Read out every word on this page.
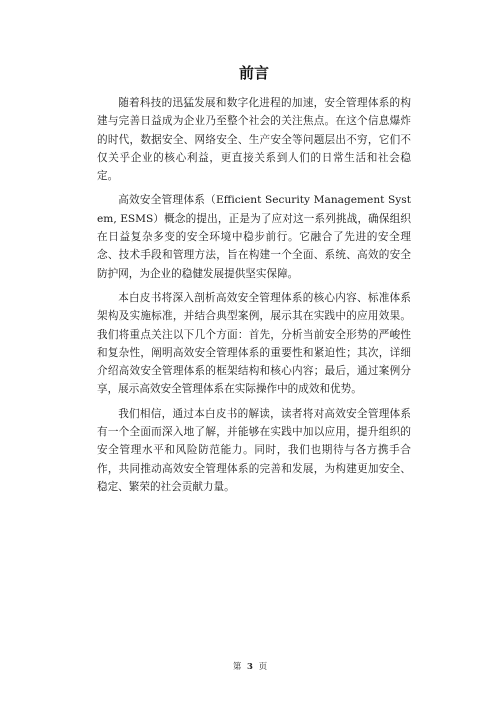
前言

随着科技的迅猛发展和数字化进程的加速，安全管理体系的构建与完善日益成为企业乃至整个社会的关注焦点。在这个信息爆炸的时代，数据安全、网络安全、生产安全等问题层出不穷，它们不仅关乎企业的核心利益，更直接关系到人们的日常生活和社会稳定。

高效安全管理体系（Efficient Security Management System, ESMS）概念的提出，正是为了应对这一系列挑战，确保组织在日益复杂多变的安全环境中稳步前行。它融合了先进的安全理念、技术手段和管理方法，旨在构建一个全面、系统、高效的安全防护网，为企业的稳健发展提供坚实保障。

本白皮书将深入剖析高效安全管理体系的核心内容、标准体系架构及实施标准，并结合典型案例，展示其在实践中的应用效果。我们将重点关注以下几个方面：首先，分析当前安全形势的严峻性和复杂性，阐明高效安全管理体系的重要性和紧迫性；其次，详细介绍高效安全管理体系的框架结构和核心内容；最后，通过案例分享，展示高效安全管理体系在实际操作中的成效和优势。

我们相信，通过本白皮书的解读，读者将对高效安全管理体系有一个全面而深入地了解，并能够在实践中加以应用，提升组织的安全管理水平和风险防范能力。同时，我们也期待与各方携手合作，共同推动高效安全管理体系的完善和发展，为构建更加安全、稳定、繁荣的社会贡献力量。

第 3 页
